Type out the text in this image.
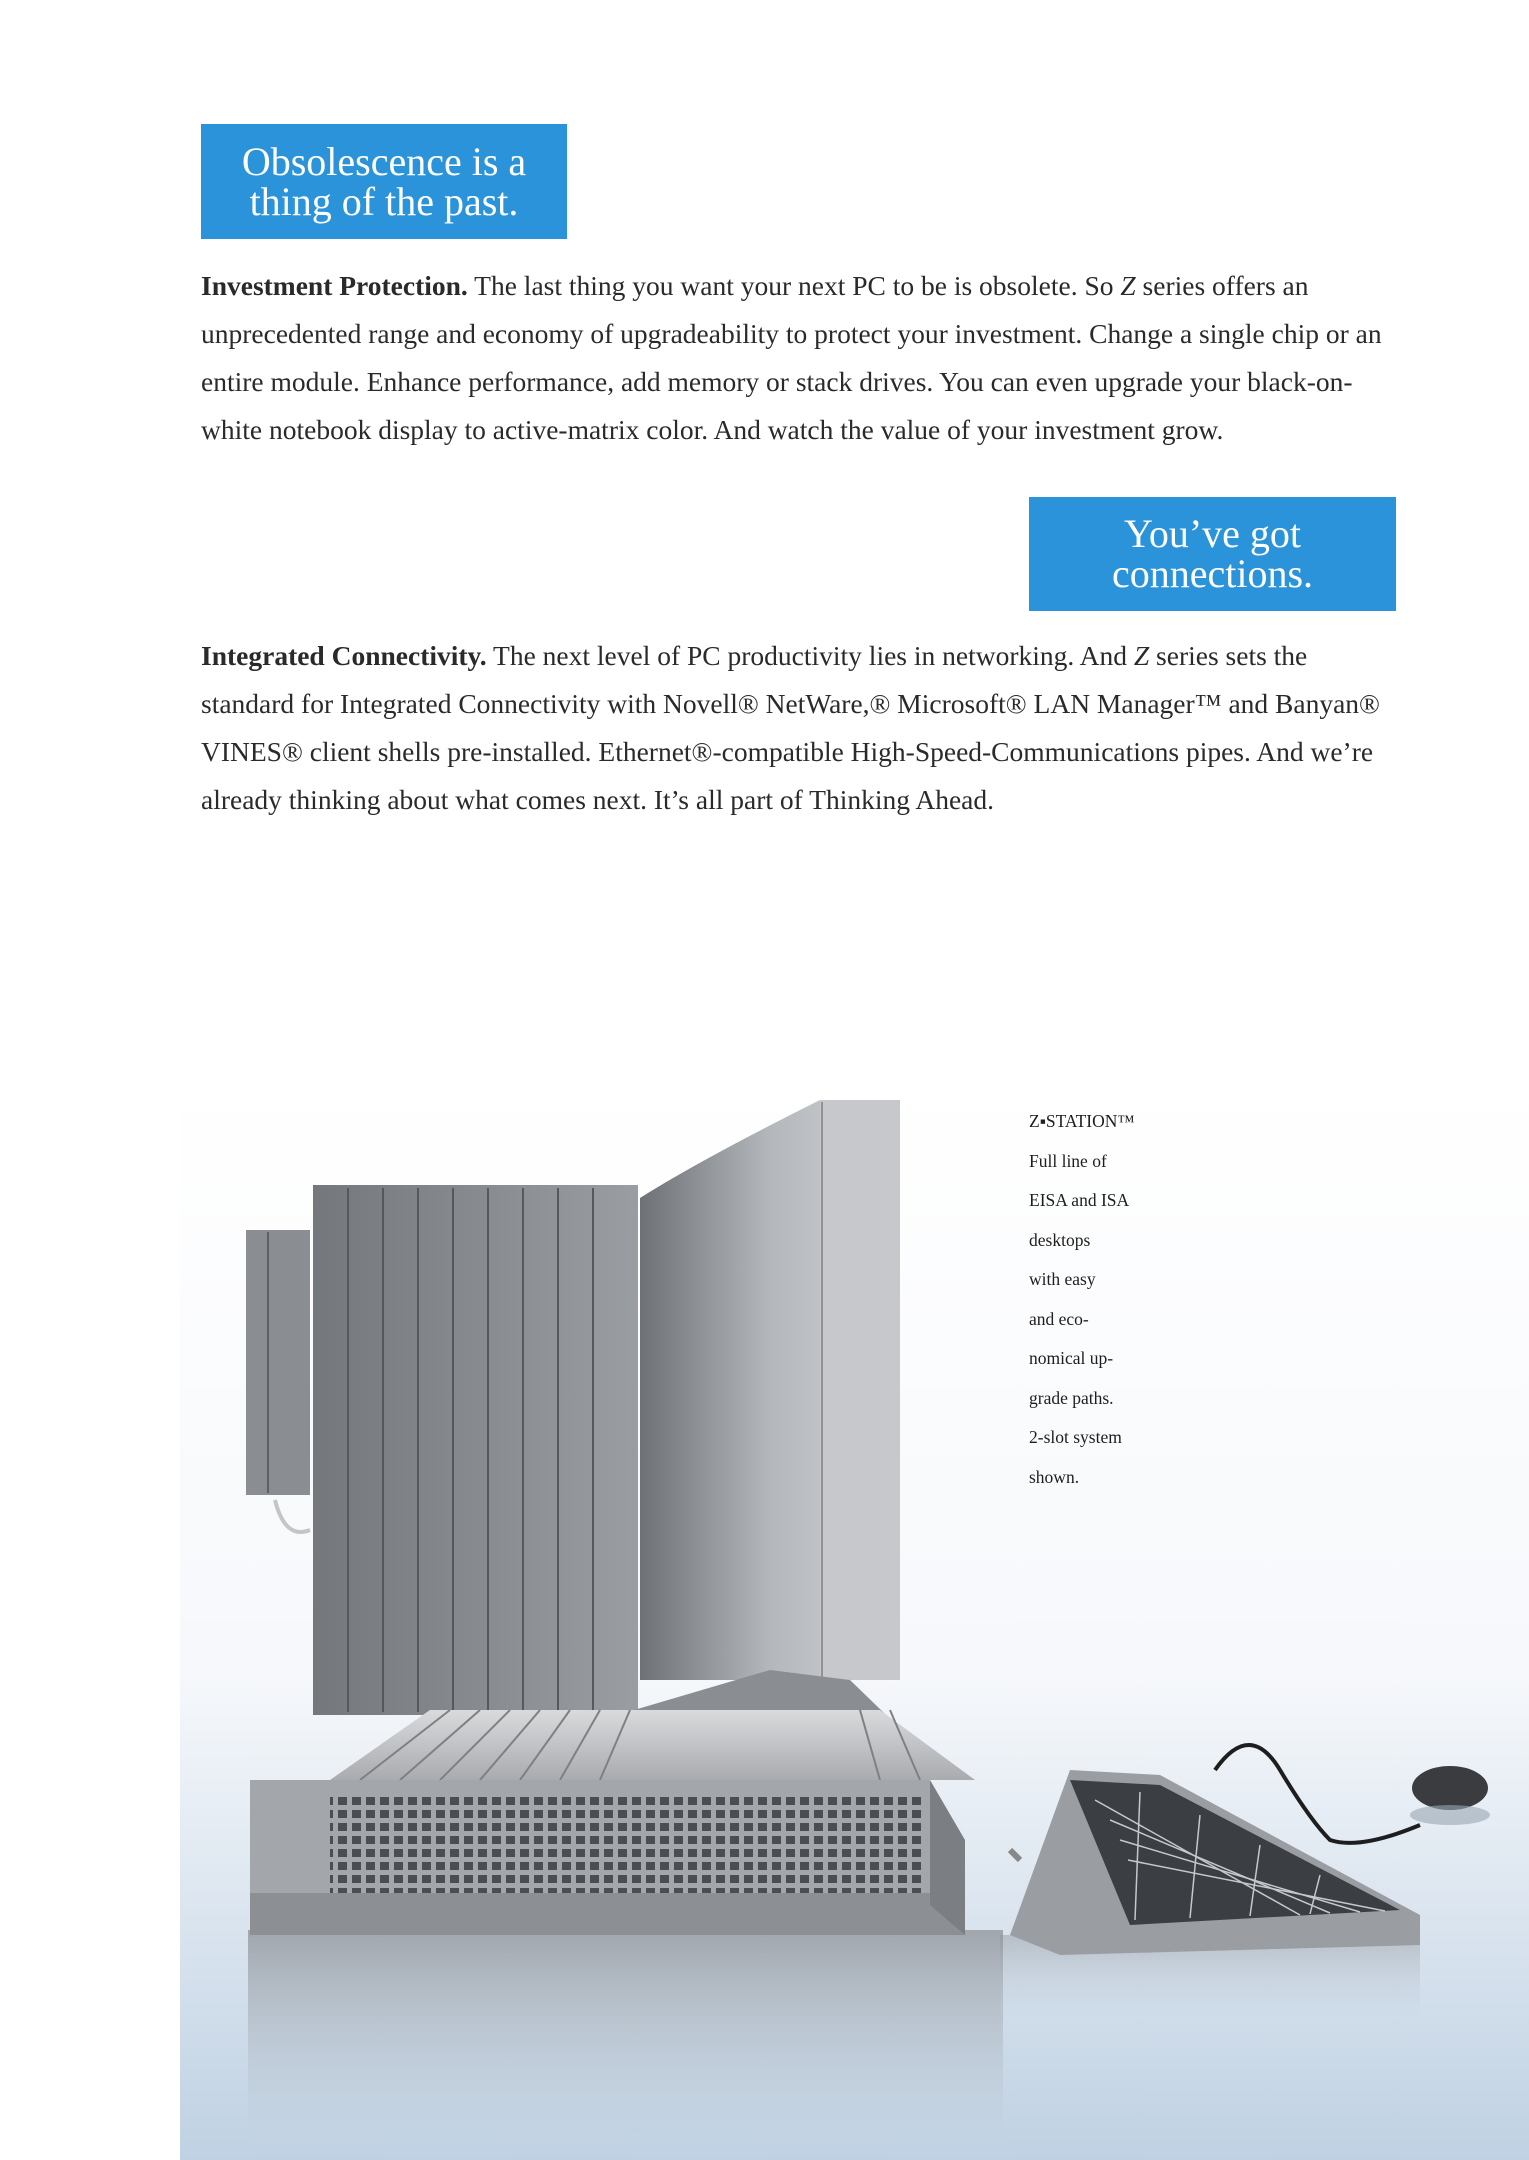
Obsolescence is a
thing of the past.

Investment Protection. The last thing you want your next PC to be is obsolete. So Z series offers an unprecedented range and economy of upgradeability to protect your investment. Change a single chip or an entire module. Enhance performance, add memory or stack drives. You can even upgrade your black-on-white notebook display to active-matrix color. And watch the value of your investment grow.

You’ve got
connections.

Integrated Connectivity. The next level of PC productivity lies in networking. And Z series sets the standard for Integrated Connectivity with Novell® NetWare,® Microsoft® LAN Manager™ and Banyan® VINES® client shells pre-installed. Ethernet®-compatible High-Speed-Communications pipes. And we’re already thinking about what comes next. It’s all part of Thinking Ahead.

Z▪STATION™
Full line of
EISA and ISA
desktops
with easy
and eco-
nomical up-
grade paths.
2-slot system
shown.
